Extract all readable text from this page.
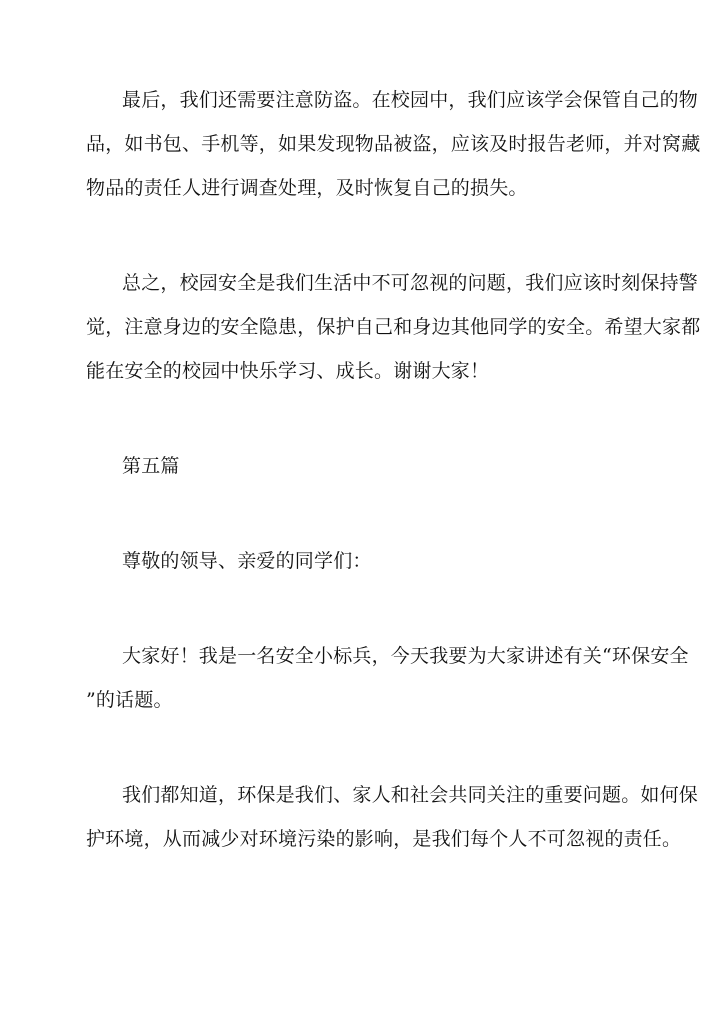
最后，我们还需要注意防盗。在校园中，我们应该学会保管自己的物
品，如书包、手机等，如果发现物品被盗，应该及时报告老师，并对窝藏
物品的责任人进行调查处理，及时恢复自己的损失。
总之，校园安全是我们生活中不可忽视的问题，我们应该时刻保持警
觉，注意身边的安全隐患，保护自己和身边其他同学的安全。希望大家都
能在安全的校园中快乐学习、成长。谢谢大家！
第五篇
尊敬的领导、亲爱的同学们：
大家好！我是一名安全小标兵，今天我要为大家讲述有关“环保安全
”的话题。
我们都知道，环保是我们、家人和社会共同关注的重要问题。如何保
护环境，从而减少对环境污染的影响，是我们每个人不可忽视的责任。
